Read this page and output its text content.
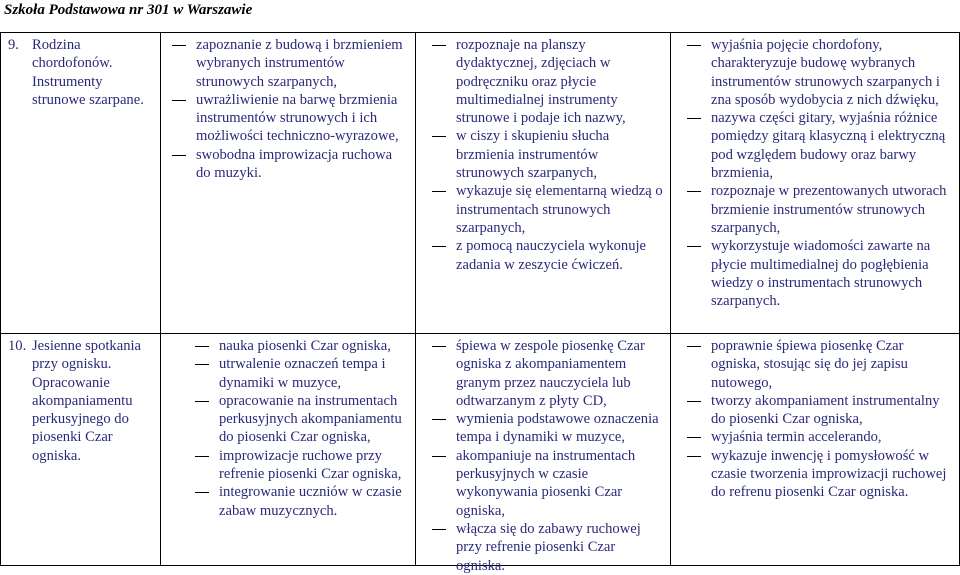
Szkoła Podstawowa nr 301 w Warszawie
9. Rodzina chordofonów. Instrumenty strunowe szarpane.
zapoznanie z budową i brzmieniem wybranych instrumentów strunowych szarpanych,
uwrażliwienie na barwę brzmienia instrumentów strunowych i ich możliwości techniczno-wyrazowe,
swobodna improwizacja ruchowa do muzyki.
rozpoznaje na planszy dydaktycznej, zdjęciach w podręczniku oraz płycie multimedialnej instrumenty strunowe i podaje ich nazwy,
w ciszy i skupieniu słucha brzmienia instrumentów strunowych szarpanych,
wykazuje się elementarną wiedzą o instrumentach strunowych szarpanych,
z pomocą nauczyciela wykonuje zadania w zeszycie ćwiczeń.
wyjaśnia pojęcie chordofony, charakteryzuje budowę wybranych instrumentów strunowych szarpanych i zna sposób wydobycia z nich dźwięku,
nazywa części gitary, wyjaśnia różnice pomiędzy gitarą klasyczną i elektryczną pod względem budowy oraz barwy brzmienia,
rozpoznaje w prezentowanych utworach brzmienie instrumentów strunowych szarpanych,
wykorzystuje wiadomości zawarte na płycie multimedialnej do pogłębienia wiedzy o instrumentach strunowych szarpanych.
10. Jesienne spotkania przy ognisku. Opracowanie akompaniamentu perkusyjnego do piosenki Czar ogniska.
nauka piosenki Czar ogniska,
utrwalenie oznaczeń tempa i dynamiki w muzyce,
opracowanie na instrumentach perkusyjnych akompaniamentu do piosenki Czar ogniska,
improwizacje ruchowe przy refrenie piosenki Czar ogniska,
integrowanie uczniów w czasie zabaw muzycznych.
śpiewa w zespole piosenkę Czar ogniska z akompaniamentem granym przez nauczyciela lub odtwarzanym z płyty CD,
wymienia podstawowe oznaczenia tempa i dynamiki w muzyce,
akompaniuje na instrumentach perkusyjnych w czasie wykonywania piosenki Czar ogniska,
włącza się do zabawy ruchowej przy refrenie piosenki Czar ogniska.
poprawnie śpiewa piosenkę Czar ogniska, stosując się do jej zapisu nutowego,
tworzy akompaniament instrumentalny do piosenki Czar ogniska,
wyjaśnia termin accelerando,
wykazuje inwencję i pomysłowość w czasie tworzenia improwizacji ruchowej do refrenu piosenki Czar ogniska.
